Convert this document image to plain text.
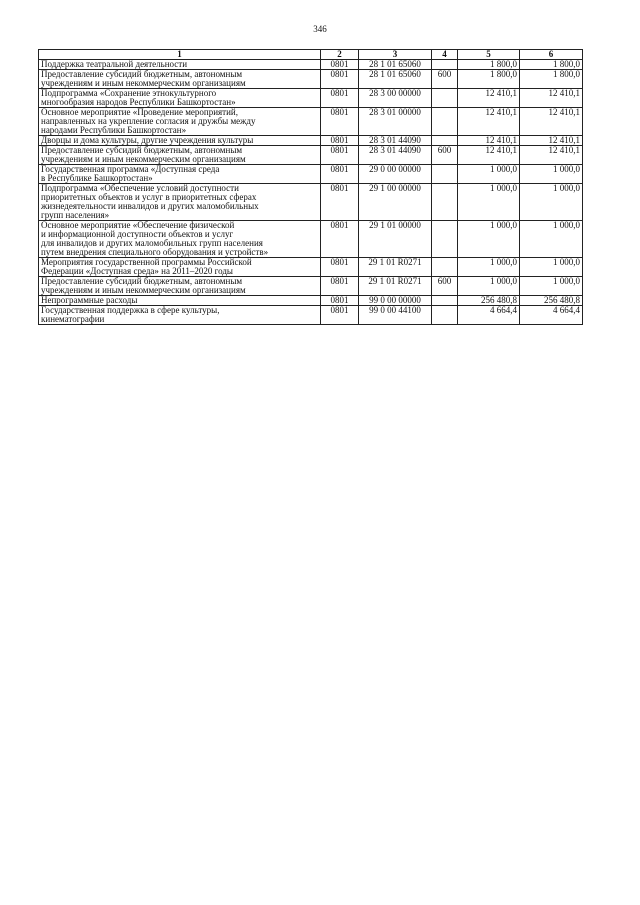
346
1	2	3	4	5	6
Поддержка театральной деятельности	0801	28 1 01 65060		1 800,0	1 800,0
Предоставление субсидий бюджетным, автономным
учреждениям и иным некоммерческим организациям	0801	28 1 01 65060	600	1 800,0	1 800,0
Подпрограмма «Сохранение этнокультурного
многообразия народов Республики Башкортостан»	0801	28 3 00 00000		12 410,1	12 410,1
Основное мероприятие «Проведение мероприятий,
направленных на укрепление согласия и дружбы между
народами Республики Башкортостан»	0801	28 3 01 00000		12 410,1	12 410,1
Дворцы и дома культуры, другие учреждения культуры	0801	28 3 01 44090		12 410,1	12 410,1
Предоставление субсидий бюджетным, автономным
учреждениям и иным некоммерческим организациям	0801	28 3 01 44090	600	12 410,1	12 410,1
Государственная программа «Доступная среда
в Республике Башкортостан»	0801	29 0 00 00000		1 000,0	1 000,0
Подпрограмма «Обеспечение условий доступности
приоритетных объектов и услуг в приоритетных сферах
жизнедеятельности инвалидов и других маломобильных
групп населения»	0801	29 1 00 00000		1 000,0	1 000,0
Основное мероприятие «Обеспечение физической
и информационной доступности объектов и услуг
для инвалидов и других маломобильных групп населения
путем внедрения специального оборудования и устройств»	0801	29 1 01 00000		1 000,0	1 000,0
Мероприятия государственной программы Российской
Федерации «Доступная среда» на 2011–2020 годы	0801	29 1 01 R0271		1 000,0	1 000,0
Предоставление субсидий бюджетным, автономным
учреждениям и иным некоммерческим организациям	0801	29 1 01 R0271	600	1 000,0	1 000,0
Непрограммные расходы	0801	99 0 00 00000		256 480,8	256 480,8
Государственная поддержка в сфере культуры,
кинематографии	0801	99 0 00 44100		4 664,4	4 664,4
